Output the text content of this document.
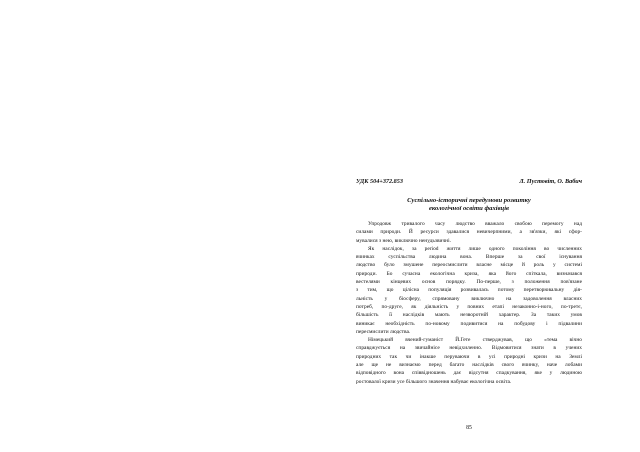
УДК 504+372.853	Л. Пустовіт, О. Вабич
Суспільно-історичні передумови розвитку
екологічної освіти фахівців
Упродовж тривалого часу людство вважало свобою перемогу над
силами природи. Й ресурси здавалися невичерпними, а зв'язки, які сфор-
мувалися з нею, виключно ненудьзвичні.
Як наслідок, за period життя лише одного покоління во численних
вчинках суспільства людина вона. Вперше за свої існування
людство було змушене переосмислити власне місце й роль у системі
природи. Бо сучасна екологічна криза, яка його спіткала, визначався
вестелями кінцевих основ порядку. По-перше, з положення пов'язане
з тим, що цілісна популяція розвивалась потому перетворювальну дія-
льність у біосферу, спрямовану виключно на задоволення власних
потреб, по-друге, як діяльність у повних етапі незаконно-і-ного, по-третє,
більшість її наслідків мають незворотній характер. За таких умов
виникає необхідність по-новому подивитися на побудову і підвалини
пересмислити людства.
Німецький вчений-гуманіст Й.Гете стверджував, що «тема вічно
справджується на звичайнісе невідхиленно. Відмовитися знати в учених
природних так чи інакше перуваючи в усі природні кризи на Землі
але ще не визнаємо перед багато наслідків свого вчинку, наче лобами
відповідного вона співвідношень дає відсутня спадкування, яке у людиною
ростовалої кризи усе більшого значення набуває екологічна освіта.
85
